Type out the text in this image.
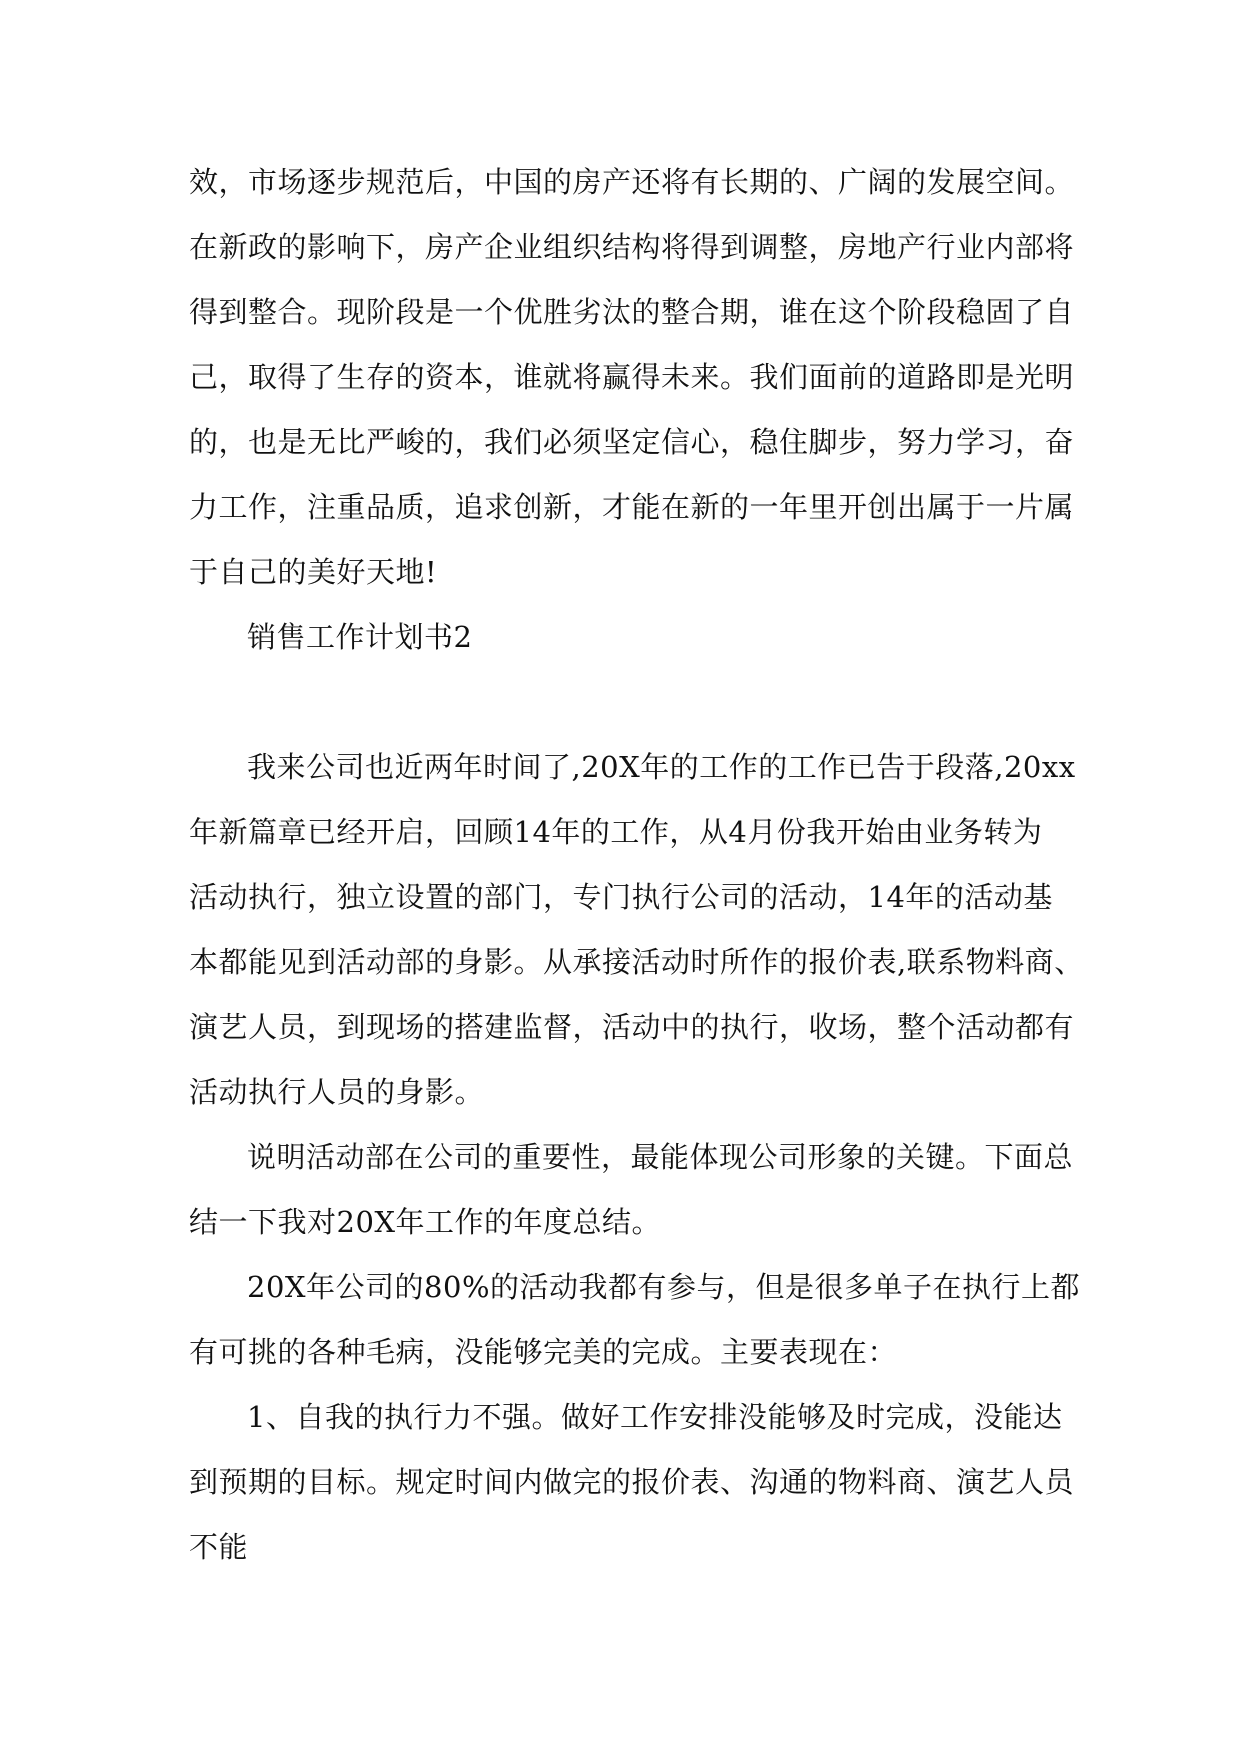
效，市场逐步规范后，中国的房产还将有长期的、广阔的发展空间。
在新政的影响下，房产企业组织结构将得到调整，房地产行业内部将
得到整合。现阶段是一个优胜劣汰的整合期，谁在这个阶段稳固了自
己，取得了生存的资本，谁就将赢得未来。我们面前的道路即是光明
的，也是无比严峻的，我们必须坚定信心，稳住脚步，努力学习，奋
力工作，注重品质，追求创新，才能在新的一年里开创出属于一片属
于自己的美好天地!
销售工作计划书2
我来公司也近两年时间了,20X年的工作的工作已告于段落,20xx
年新篇章已经开启，回顾14年的工作，从4月份我开始由业务转为
活动执行，独立设置的部门，专门执行公司的活动，14年的活动基
本都能见到活动部的身影。从承接活动时所作的报价表,联系物料商、
演艺人员，到现场的搭建监督，活动中的执行，收场，整个活动都有
活动执行人员的身影。
说明活动部在公司的重要性，最能体现公司形象的关键。下面总
结一下我对20X年工作的年度总结。
20X年公司的80%的活动我都有参与，但是很多单子在执行上都
有可挑的各种毛病，没能够完美的完成。主要表现在：
1、自我的执行力不强。做好工作安排没能够及时完成，没能达
到预期的目标。规定时间内做完的报价表、沟通的物料商、演艺人员
不能
